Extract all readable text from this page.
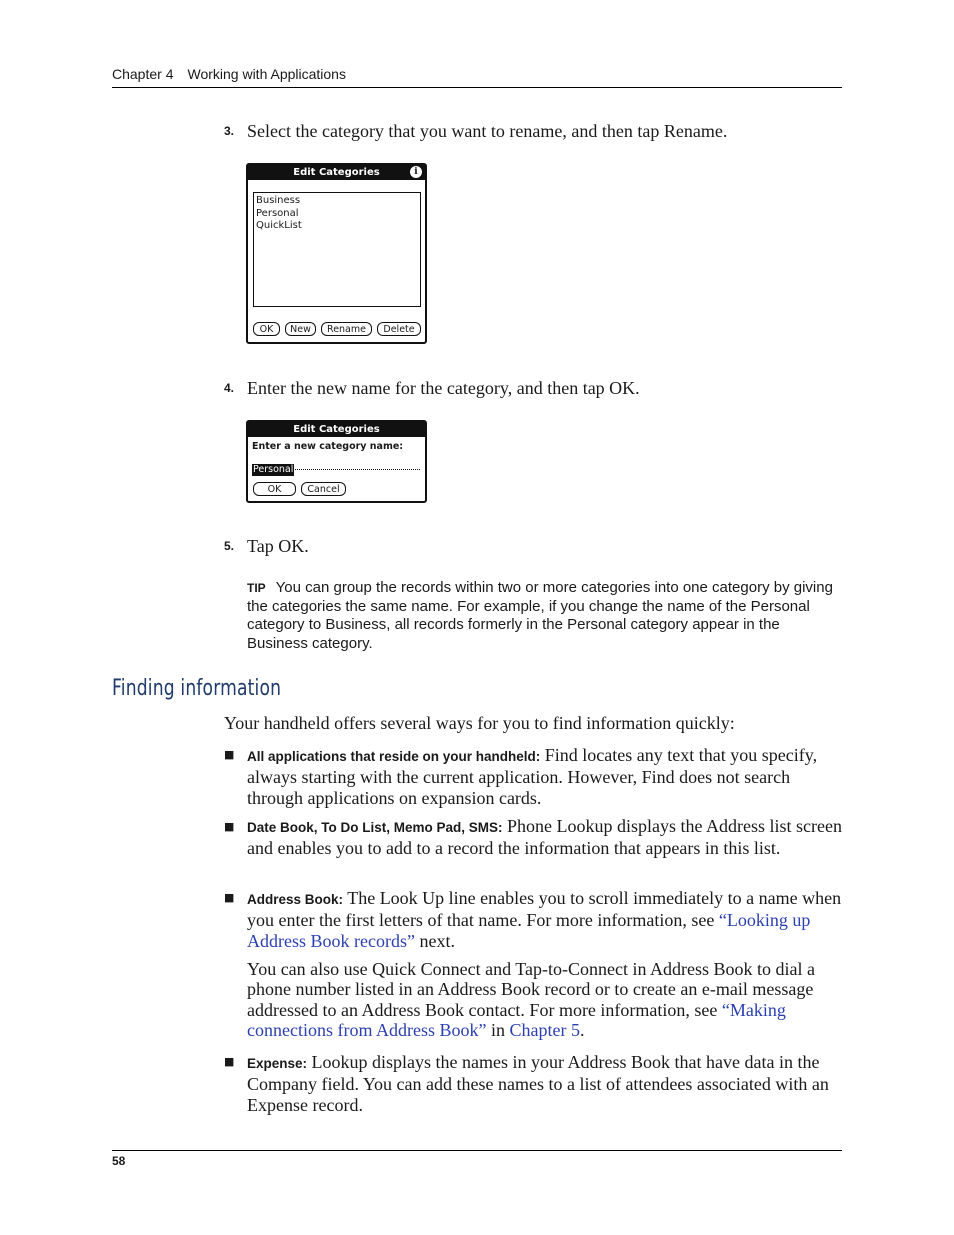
Chapter 4 Working with Applications
3. Select the category that you want to rename, and then tap Rename.
Edit Categories	i
Business
Personal
QuickList
OK	New	Rename	Delete
4. Enter the new name for the category, and then tap OK.
Edit Categories
Enter a new category name:
Personal
OK	Cancel
5. Tap OK.
TIP You can group the records within two or more categories into one category by giving the categories the same name. For example, if you change the name of the Personal category to Business, all records formerly in the Personal category appear in the Business category.
Finding information
Your handheld offers several ways for you to find information quickly:
■ All applications that reside on your handheld: Find locates any text that you specify, always starting with the current application. However, Find does not search through applications on expansion cards.
■ Date Book, To Do List, Memo Pad, SMS: Phone Lookup displays the Address list screen and enables you to add to a record the information that appears in this list.
■ Address Book: The Look Up line enables you to scroll immediately to a name when you enter the first letters of that name. For more information, see “Looking up Address Book records” next.
You can also use Quick Connect and Tap-to-Connect in Address Book to dial a phone number listed in an Address Book record or to create an e-mail message addressed to an Address Book contact. For more information, see “Making connections from Address Book” in Chapter 5.
■ Expense: Lookup displays the names in your Address Book that have data in the Company field. You can add these names to a list of attendees associated with an Expense record.
58
